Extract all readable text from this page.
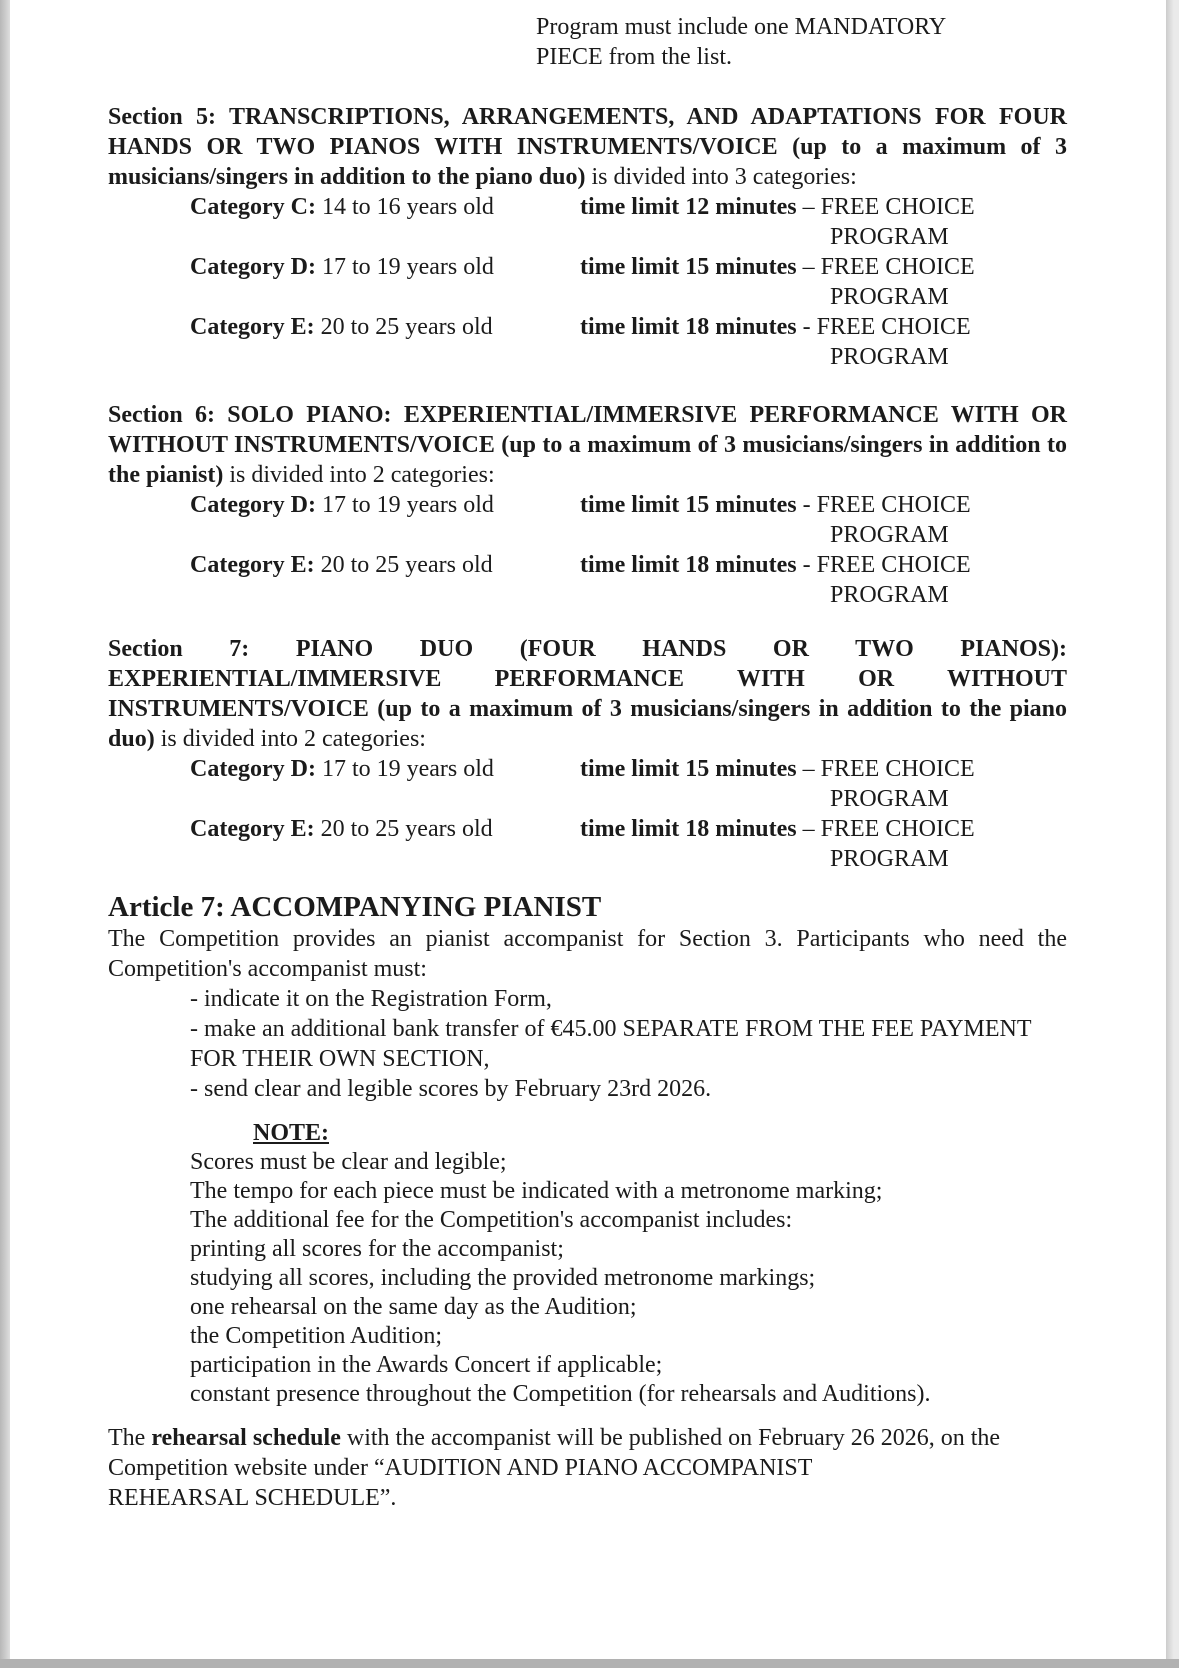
Program must include one MANDATORY
PIECE from the list.

Section 5: TRANSCRIPTIONS, ARRANGEMENTS, AND ADAPTATIONS FOR FOUR HANDS OR TWO PIANOS WITH INSTRUMENTS/VOICE (up to a maximum of 3 musicians/singers in addition to the piano duo) is divided into 3 categories:

Category C: 14 to 16 years old	time limit 12 minutes – FREE CHOICE
PROGRAM
Category D: 17 to 19 years old	time limit 15 minutes – FREE CHOICE
PROGRAM
Category E: 20 to 25 years old	time limit 18 minutes - FREE CHOICE
PROGRAM

Section 6: SOLO PIANO: EXPERIENTIAL/IMMERSIVE PERFORMANCE WITH OR WITHOUT INSTRUMENTS/VOICE (up to a maximum of 3 musicians/singers in addition to the pianist) is divided into 2 categories:

Category D: 17 to 19 years old	time limit 15 minutes - FREE CHOICE
PROGRAM
Category E: 20 to 25 years old	time limit 18 minutes - FREE CHOICE
PROGRAM

Section 7: PIANO DUO (FOUR HANDS OR TWO PIANOS): EXPERIENTIAL/IMMERSIVE PERFORMANCE WITH OR WITHOUT INSTRUMENTS/VOICE (up to a maximum of 3 musicians/singers in addition to the piano duo) is divided into 2 categories:

Category D: 17 to 19 years old	time limit 15 minutes – FREE CHOICE
PROGRAM
Category E: 20 to 25 years old	time limit 18 minutes – FREE CHOICE
PROGRAM

Article 7: ACCOMPANYING PIANIST

The Competition provides an pianist accompanist for Section 3. Participants who need the Competition's accompanist must:

- indicate it on the Registration Form,
- make an additional bank transfer of €45.00 SEPARATE FROM THE FEE PAYMENT FOR THEIR OWN SECTION,
- send clear and legible scores by February 23rd 2026.
NOTE:
Scores must be clear and legible;
The tempo for each piece must be indicated with a metronome marking;
The additional fee for the Competition's accompanist includes:
printing all scores for the accompanist;
studying all scores, including the provided metronome markings;
one rehearsal on the same day as the Audition;
the Competition Audition;
participation in the Awards Concert if applicable;
constant presence throughout the Competition (for rehearsals and Auditions).

The rehearsal schedule with the accompanist will be published on February 26 2026, on the Competition website under “AUDITION AND PIANO ACCOMPANIST
REHEARSAL SCHEDULE”.
